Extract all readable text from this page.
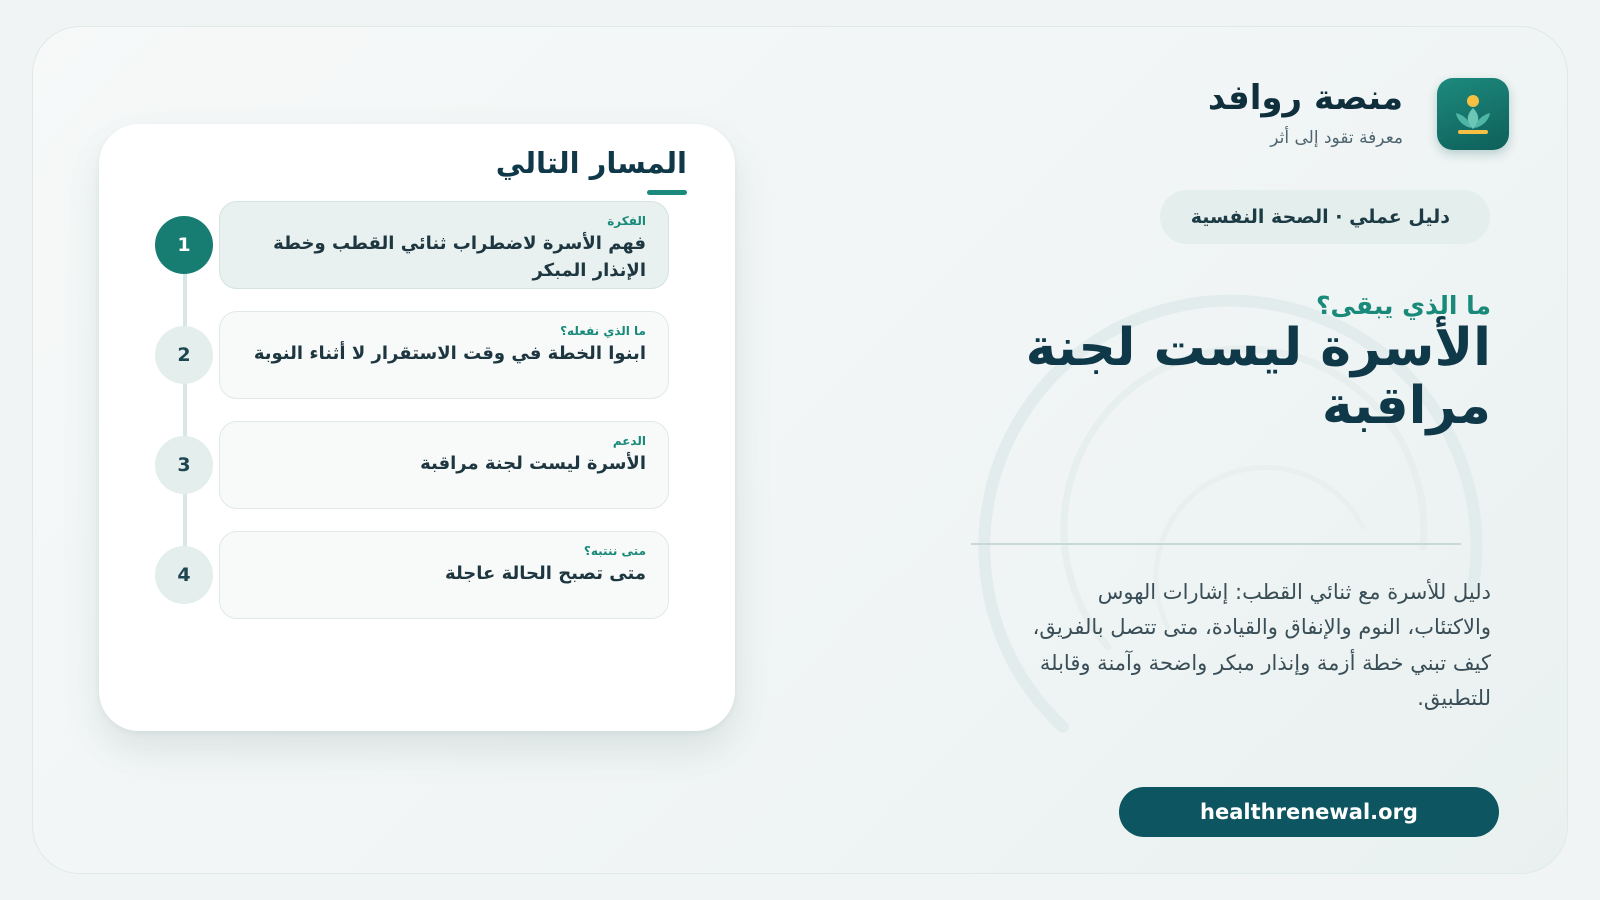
منصة روافد
معرفة تقود إلى أثر
دليل عملي · الصحة النفسية
ما الذي يبقى؟
الأسرة ليست لجنة مراقبة
دليل للأسرة مع ثنائي القطب: إشارات الهوس والاكتئاب، النوم والإنفاق والقيادة، متى تتصل بالفريق، كيف تبني خطة أزمة وإنذار مبكر واضحة وآمنة وقابلة للتطبيق.
healthrenewal.org
المسار التالي
1
الفكرة
فهم الأسرة لاضطراب ثنائي القطب وخطة الإنذار المبكر
2
ما الذي نفعله؟
ابنوا الخطة في وقت الاستقرار لا أثناء النوبة
3
الدعم
الأسرة ليست لجنة مراقبة
4
متى ننتبه؟
متى تصبح الحالة عاجلة
